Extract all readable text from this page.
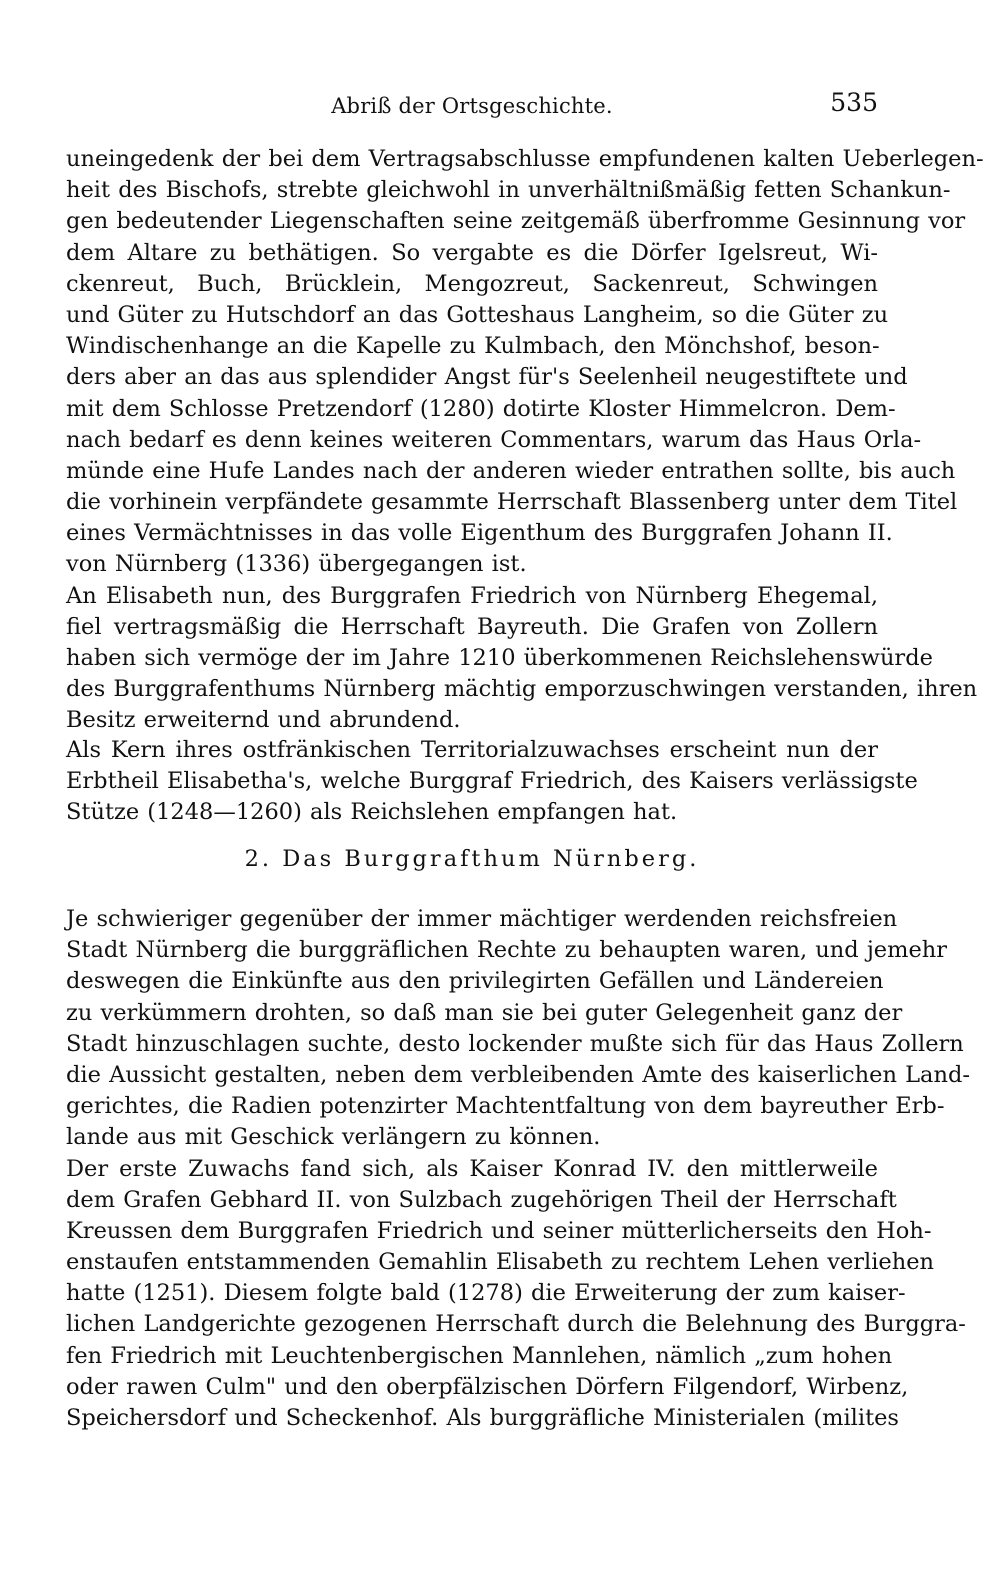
Abriß der Ortsgeschichte.	535
uneingedenk der bei dem Vertragsabschlusse empfundenen kalten Ueberlegen-
heit des Bischofs, strebte gleichwohl in unverhältnißmäßig fetten Schankun-
gen bedeutender Liegenschaften seine zeitgemäß überfromme Gesinnung vor
dem Altare zu bethätigen. So vergabte es die Dörfer Igelsreut, Wi-
ckenreut, Buch, Brücklein, Mengozreut, Sackenreut, Schwingen
und Güter zu Hutschdorf an das Gotteshaus Langheim, so die Güter zu
Windischenhange an die Kapelle zu Kulmbach, den Mönchshof, beson-
ders aber an das aus splendider Angst für's Seelenheil neugestiftete und
mit dem Schlosse Pretzendorf (1280) dotirte Kloster Himmelcron. Dem-
nach bedarf es denn keines weiteren Commentars, warum das Haus Orla-
münde eine Hufe Landes nach der anderen wieder entrathen sollte, bis auch
die vorhinein verpfändete gesammte Herrschaft Blassenberg unter dem Titel
eines Vermächtnisses in das volle Eigenthum des Burggrafen Johann II.
von Nürnberg (1336) übergegangen ist.
An Elisabeth nun, des Burggrafen Friedrich von Nürnberg Ehegemal,
fiel vertragsmäßig die Herrschaft Bayreuth. Die Grafen von Zollern
haben sich vermöge der im Jahre 1210 überkommenen Reichslehenswürde
des Burggrafenthums Nürnberg mächtig emporzuschwingen verstanden, ihren
Besitz erweiternd und abrundend.
Als Kern ihres ostfränkischen Territorialzuwachses erscheint nun der
Erbtheil Elisabetha's, welche Burggraf Friedrich, des Kaisers verlässigste
Stütze (1248—1260) als Reichslehen empfangen hat.
2. Das Burggrafthum Nürnberg.
Je schwieriger gegenüber der immer mächtiger werdenden reichsfreien
Stadt Nürnberg die burggräflichen Rechte zu behaupten waren, und jemehr
deswegen die Einkünfte aus den privilegirten Gefällen und Ländereien
zu verkümmern drohten, so daß man sie bei guter Gelegenheit ganz der
Stadt hinzuschlagen suchte, desto lockender mußte sich für das Haus Zollern
die Aussicht gestalten, neben dem verbleibenden Amte des kaiserlichen Land-
gerichtes, die Radien potenzirter Machtentfaltung von dem bayreuther Erb-
lande aus mit Geschick verlängern zu können.
Der erste Zuwachs fand sich, als Kaiser Konrad IV. den mittlerweile
dem Grafen Gebhard II. von Sulzbach zugehörigen Theil der Herrschaft
Kreussen dem Burggrafen Friedrich und seiner mütterlicherseits den Hoh-
enstaufen entstammenden Gemahlin Elisabeth zu rechtem Lehen verliehen
hatte (1251). Diesem folgte bald (1278) die Erweiterung der zum kaiser-
lichen Landgerichte gezogenen Herrschaft durch die Belehnung des Burggra-
fen Friedrich mit Leuchtenbergischen Mannlehen, nämlich „zum hohen
oder rawen Culm" und den oberpfälzischen Dörfern Filgendorf, Wirbenz,
Speichersdorf und Scheckenhof. Als burggräfliche Ministerialen (milites
